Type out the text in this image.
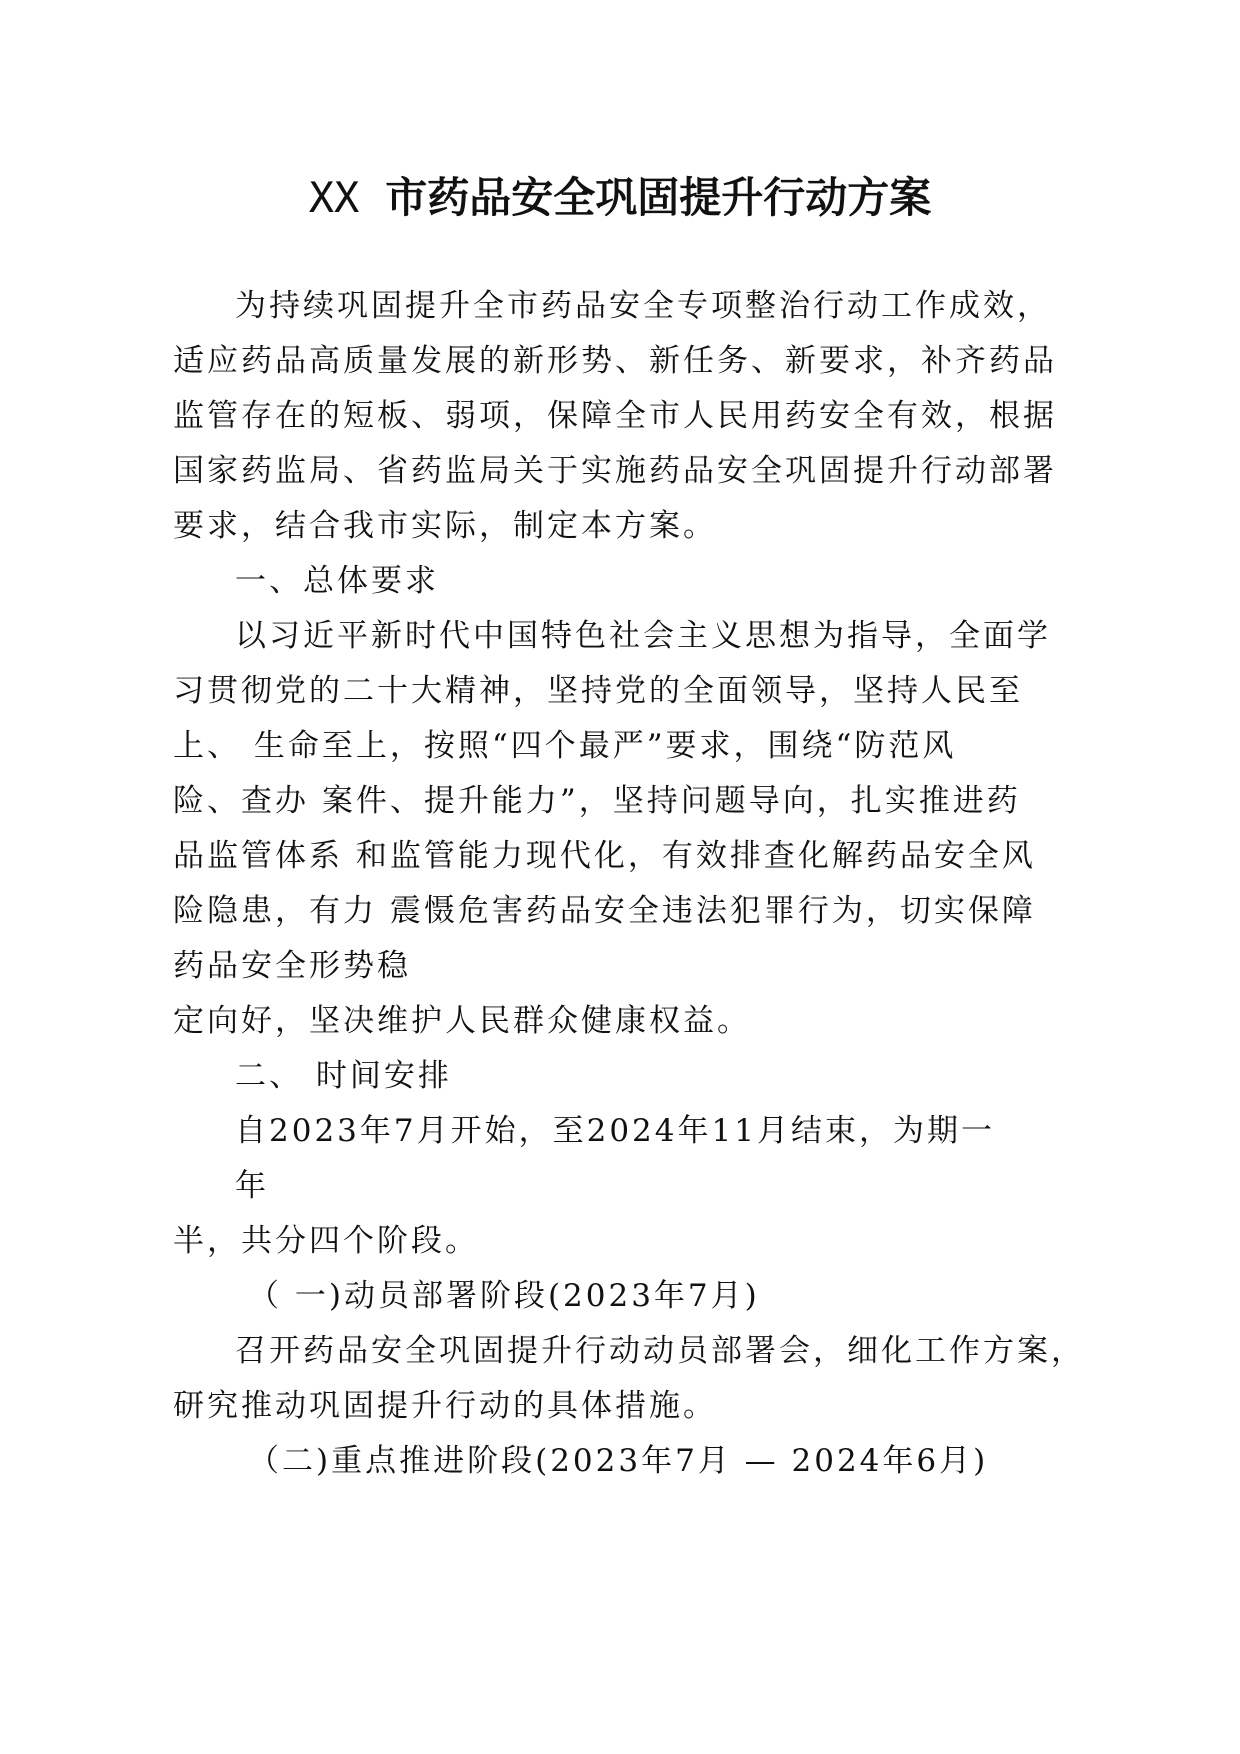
XX 市药品安全巩固提升行动方案
为持续巩固提升全市药品安全专项整治行动工作成效，
适应药品高质量发展的新形势、新任务、新要求，补齐药品
监管存在的短板、弱项，保障全市人民用药安全有效，根据
国家药监局、省药监局关于实施药品安全巩固提升行动部署
要求，结合我市实际，制定本方案。
一、总体要求
以习近平新时代中国特色社会主义思想为指导，全面学
习贯彻党的二十大精神，坚持党的全面领导，坚持人民至
上、 生命至上，按照“四个最严”要求，围绕“防范风
险、查办 案件、提升能力”，坚持问题导向，扎实推进药
品监管体系 和监管能力现代化，有效排查化解药品安全风
险隐患，有力 震慑危害药品安全违法犯罪行为，切实保障
药品安全形势稳
定向好，坚决维护人民群众健康权益。
二、 时间安排
自2023年7月开始，至2024年11月结束，为期一
年
半，共分四个阶段。
（ 一)动员部署阶段(2023年7月)
召开药品安全巩固提升行动动员部署会，细化工作方案，
研究推动巩固提升行动的具体措施。
（二)重点推进阶段(2023年7月 — 2024年6月)
